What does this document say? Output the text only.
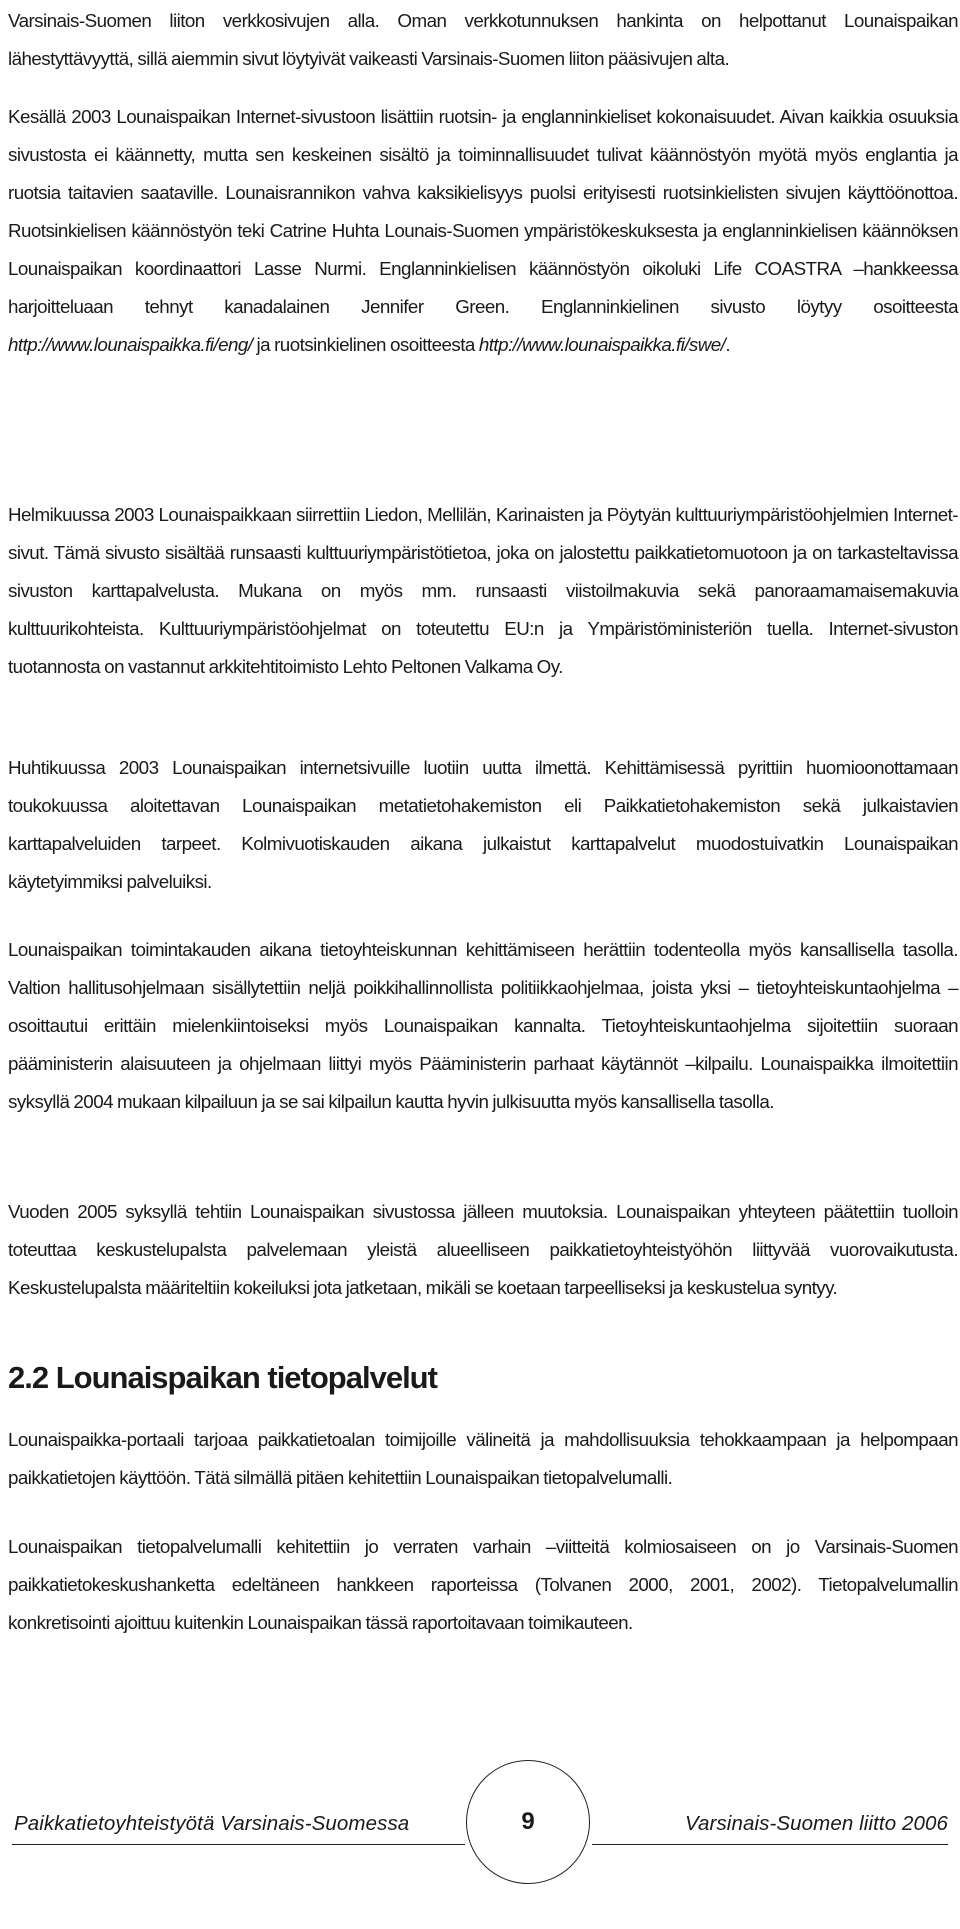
Varsinais-Suomen liiton verkkosivujen alla. Oman verkkotunnuksen hankinta on helpottanut Lounaispaikan lähestyttävyyttä, sillä aiemmin sivut löytyivät vaikeasti Varsinais-Suomen liiton pääsivujen alta.

Kesällä 2003 Lounaispaikan Internet-sivustoon lisättiin ruotsin- ja englanninkieliset kokonaisuudet. Aivan kaikkia osuuksia sivustosta ei käännetty, mutta sen keskeinen sisältö ja toiminnallisuudet tulivat käännöstyön myötä myös englantia ja ruotsia taitavien saataville. Lounaisrannikon vahva kaksikielisyys puolsi erityisesti ruotsinkielisten sivujen käyttöönottoa. Ruotsinkielisen käännöstyön teki Catrine Huhta Lounais-Suomen ympäristökeskuksesta ja englanninkielisen käännöksen Lounaispaikan koordinaattori Lasse Nurmi. Englanninkielisen käännöstyön oikoluki Life COASTRA –hankkeessa harjoitteluaan tehnyt kanadalainen Jennifer Green. Englanninkielinen sivusto löytyy osoitteesta http://www.lounaispaikka.fi/eng/ ja ruotsinkielinen osoitteesta http://www.lounaispaikka.fi/swe/.

Helmikuussa 2003 Lounaispaikkaan siirrettiin Liedon, Mellilän, Karinaisten ja Pöytyän kulttuuriympäristöohjelmien Internet-sivut. Tämä sivusto sisältää runsaasti kulttuuriympäristötietoa, joka on jalostettu paikkatietomuotoon ja on tarkasteltavissa sivuston karttapalvelusta. Mukana on myös mm. runsaasti viistoilmakuvia sekä panoraamamaisemakuvia kulttuurikohteista. Kulttuuriympäristöohjelmat on toteutettu EU:n ja Ympäristöministeriön tuella. Internet-sivuston tuotannosta on vastannut arkkitehtitoimisto Lehto Peltonen Valkama Oy.

Huhtikuussa 2003 Lounaispaikan internetsivuille luotiin uutta ilmettä. Kehittämisessä pyrittiin huomioonottamaan toukokuussa aloitettavan Lounaispaikan metatietohakemiston eli Paikkatietohakemiston sekä julkaistavien karttapalveluiden tarpeet. Kolmivuotiskauden aikana julkaistut karttapalvelut muodostuivatkin Lounaispaikan käytetyimmiksi palveluiksi.

Lounaispaikan toimintakauden aikana tietoyhteiskunnan kehittämiseen herättiin todenteolla myös kansallisella tasolla. Valtion hallitusohjelmaan sisällytettiin neljä poikkihallinnollista politiikkaohjelmaa, joista yksi – tietoyhteiskuntaohjelma – osoittautui erittäin mielenkiintoiseksi myös Lounaispaikan kannalta. Tietoyhteiskuntaohjelma sijoitettiin suoraan pääministerin alaisuuteen ja ohjelmaan liittyi myös Pääministerin parhaat käytännöt –kilpailu. Lounaispaikka ilmoitettiin syksyllä 2004 mukaan kilpailuun ja se sai kilpailun kautta hyvin julkisuutta myös kansallisella tasolla.

Vuoden 2005 syksyllä tehtiin Lounaispaikan sivustossa jälleen muutoksia. Lounaispaikan yhteyteen päätettiin tuolloin toteuttaa keskustelupalsta palvelemaan yleistä alueelliseen paikkatietoyhteistyöhön liittyvää vuorovaikutusta. Keskustelupalsta määriteltiin kokeiluksi jota jatketaan, mikäli se koetaan tarpeelliseksi ja keskustelua syntyy.

2.2 Lounaispaikan tietopalvelut

Lounaispaikka-portaali tarjoaa paikkatietoalan toimijoille välineitä ja mahdollisuuksia tehokkaampaan ja helpompaan paikkatietojen käyttöön. Tätä silmällä pitäen kehitettiin Lounaispaikan tietopalvelumalli.

Lounaispaikan tietopalvelumalli kehitettiin jo verraten varhain –viitteitä kolmiosaiseen on jo Varsinais-Suomen paikkatietokeskushanketta edeltäneen hankkeen raporteissa (Tolvanen 2000, 2001, 2002). Tietopalvelumallin konkretisointi ajoittuu kuitenkin Lounaispaikan tässä raportoitavaan toimikauteen.

Paikkatietoyhteistyötä Varsinais-Suomessa	Varsinais-Suomen liitto 2006
9
